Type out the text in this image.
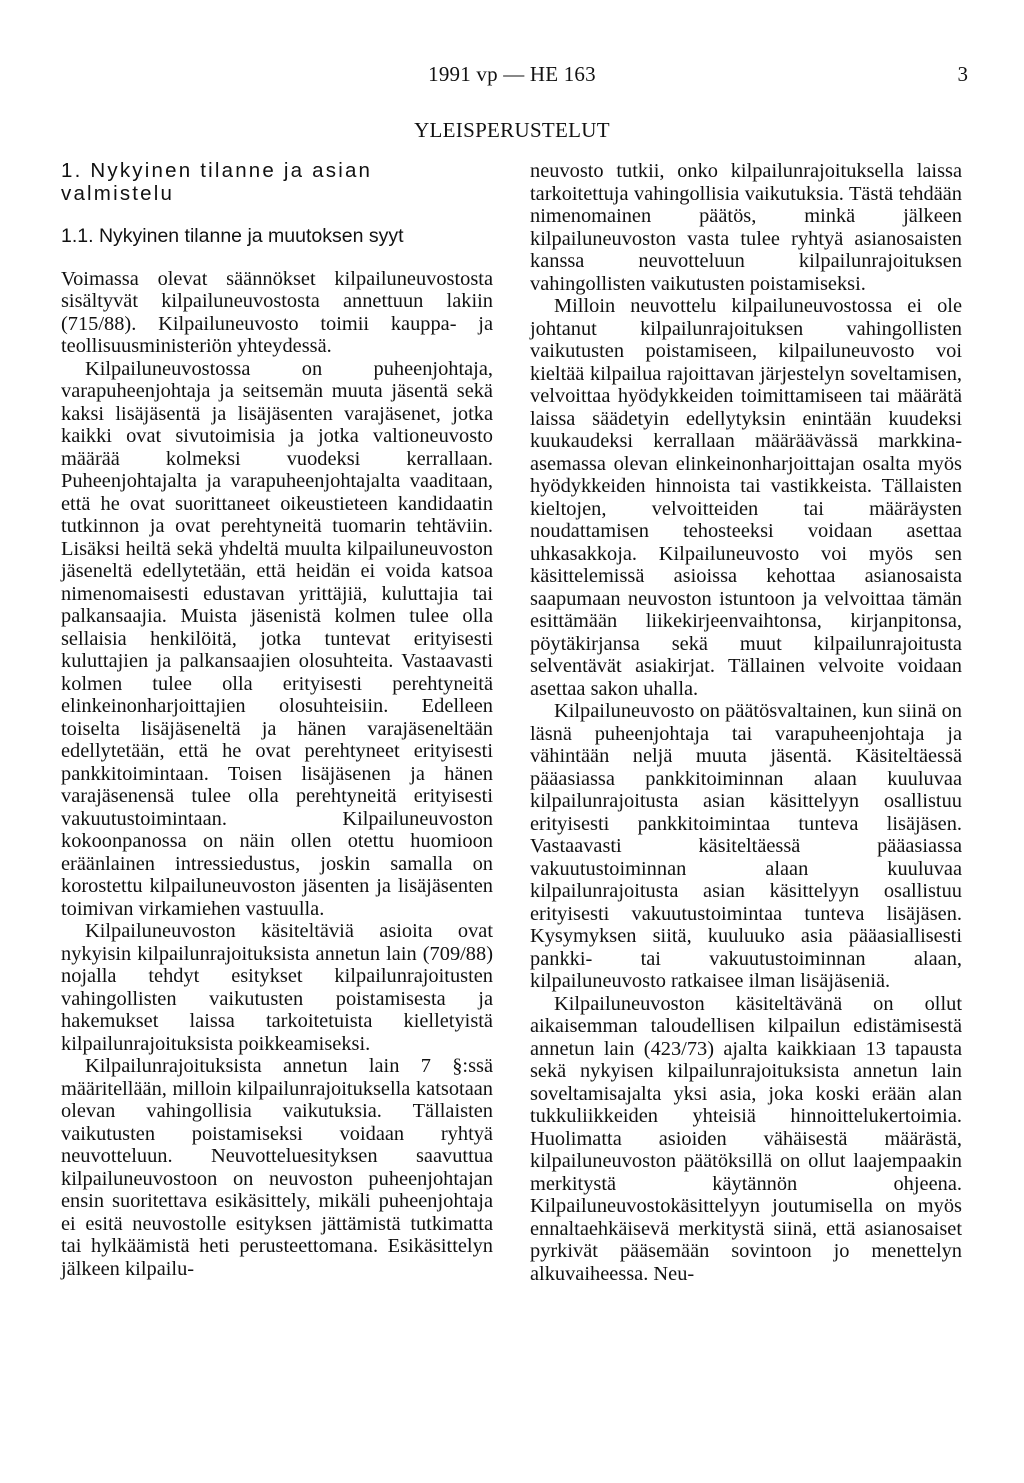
1991 vp — HE 163	3
YLEISPERUSTELUT
1. Nykyinen tilanne ja asian valmistelu
1.1. Nykyinen tilanne ja muutoksen syyt

Voimassa olevat säännökset kilpailuneuvostosta sisältyvät kilpailuneuvostosta annettuun lakiin (715/88). Kilpailuneuvosto toimii kauppa- ja teollisuusministeriön yhteydessä.

Kilpailuneuvostossa on puheenjohtaja, varapuheenjohtaja ja seitsemän muuta jäsentä sekä kaksi lisäjäsentä ja lisäjäsenten varajäsenet, jotka kaikki ovat sivutoimisia ja jotka valtioneuvosto määrää kolmeksi vuodeksi kerrallaan. Puheenjohtajalta ja varapuheenjohtajalta vaaditaan, että he ovat suorittaneet oikeustieteen kandidaatin tutkinnon ja ovat perehtyneitä tuomarin tehtäviin. Lisäksi heiltä sekä yhdeltä muulta kilpailuneuvoston jäseneltä edellytetään, että heidän ei voida katsoa nimenomaisesti edustavan yrittäjiä, kuluttajia tai palkansaajia. Muista jäsenistä kolmen tulee olla sellaisia henkilöitä, jotka tuntevat erityisesti kuluttajien ja palkansaajien olosuhteita. Vastaavasti kolmen tulee olla erityisesti perehtyneitä elinkeinonharjoittajien olosuhteisiin. Edelleen toiselta lisäjäseneltä ja hänen varajäseneltään edellytetään, että he ovat perehtyneet erityisesti pankkitoimintaan. Toisen lisäjäsenen ja hänen varajäsenensä tulee olla perehtyneitä erityisesti vakuutustoimintaan. Kilpailuneuvoston kokoonpanossa on näin ollen otettu huomioon eräänlainen intressiedustus, joskin samalla on korostettu kilpailuneuvoston jäsenten ja lisäjäsenten toimivan virkamiehen vastuulla.

Kilpailuneuvoston käsiteltäviä asioita ovat nykyisin kilpailunrajoituksista annetun lain (709/88) nojalla tehdyt esitykset kilpailunrajoitusten vahingollisten vaikutusten poistamisesta ja hakemukset laissa tarkoitetuista kielletyistä kilpailunrajoituksista poikkeamiseksi.

Kilpailunrajoituksista annetun lain 7 §:ssä määritellään, milloin kilpailunrajoituksella katsotaan olevan vahingollisia vaikutuksia. Tällaisten vaikutusten poistamiseksi voidaan ryhtyä neuvotteluun. Neuvotteluesityksen saavuttua kilpailuneuvostoon on neuvoston puheenjohtajan ensin suoritettava esikäsittely, mikäli puheenjohtaja ei esitä neuvostolle esityksen jättämistä tutkimatta tai hylkäämistä heti perusteettomana. Esikäsittelyn jälkeen kilpailu-

neuvosto tutkii, onko kilpailunrajoituksella laissa tarkoitettuja vahingollisia vaikutuksia. Tästä tehdään nimenomainen päätös, minkä jälkeen kilpailuneuvoston vasta tulee ryhtyä asianosaisten kanssa neuvotteluun kilpailunrajoituksen vahingollisten vaikutusten poistamiseksi.

Milloin neuvottelu kilpailuneuvostossa ei ole johtanut kilpailunrajoituksen vahingollisten vaikutusten poistamiseen, kilpailuneuvosto voi kieltää kilpailua rajoittavan järjestelyn soveltamisen, velvoittaa hyödykkeiden toimittamiseen tai määrätä laissa säädetyin edellytyksin enintään kuudeksi kuukaudeksi kerrallaan määräävässä markkina-asemassa olevan elinkeinonharjoittajan osalta myös hyödykkeiden hinnoista tai vastikkeista. Tällaisten kieltojen, velvoitteiden tai määräysten noudattamisen tehosteeksi voidaan asettaa uhkasakkoja. Kilpailuneuvosto voi myös sen käsittelemissä asioissa kehottaa asianosaista saapumaan neuvoston istuntoon ja velvoittaa tämän esittämään liikekirjeenvaihtonsa, kirjanpitonsa, pöytäkirjansa sekä muut kilpailunrajoitusta selventävät asiakirjat. Tällainen velvoite voidaan asettaa sakon uhalla.

Kilpailuneuvosto on päätösvaltainen, kun siinä on läsnä puheenjohtaja tai varapuheenjohtaja ja vähintään neljä muuta jäsentä. Käsiteltäessä pääasiassa pankkitoiminnan alaan kuuluvaa kilpailunrajoitusta asian käsittelyyn osallistuu erityisesti pankkitoimintaa tunteva lisäjäsen. Vastaavasti käsiteltäessä pääasiassa vakuutustoiminnan alaan kuuluvaa kilpailunrajoitusta asian käsittelyyn osallistuu erityisesti vakuutustoimintaa tunteva lisäjäsen. Kysymyksen siitä, kuuluuko asia pääasiallisesti pankki- tai vakuutustoiminnan alaan, kilpailuneuvosto ratkaisee ilman lisäjäseniä.

Kilpailuneuvoston käsiteltävänä on ollut aikaisemman taloudellisen kilpailun edistämisestä annetun lain (423/73) ajalta kaikkiaan 13 tapausta sekä nykyisen kilpailunrajoituksista annetun lain soveltamisajalta yksi asia, joka koski erään alan tukkuliikkeiden yhteisiä hinnoittelukertoimia. Huolimatta asioiden vähäisestä määrästä, kilpailuneuvoston päätöksillä on ollut laajempaakin merkitystä käytännön ohjeena. Kilpailuneuvostokäsittelyyn joutumisella on myös ennaltaehkäisevä merkitystä siinä, että asianosaiset pyrkivät pääsemään sovintoon jo menettelyn alkuvaiheessa. Neu-
